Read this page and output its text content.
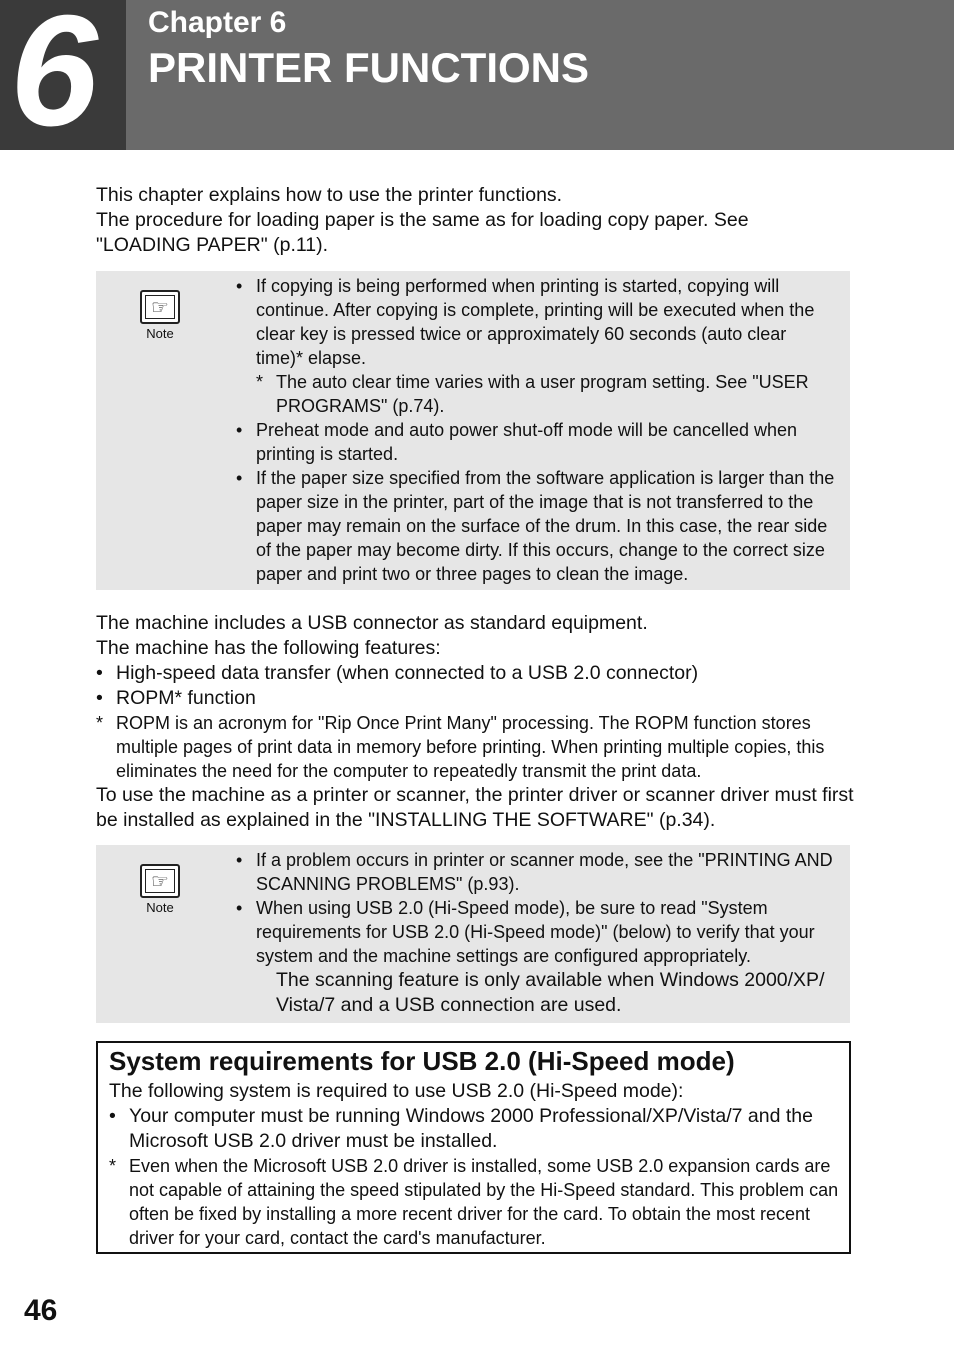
6 Chapter 6
PRINTER FUNCTIONS

This chapter explains how to use the printer functions.

The procedure for loading paper is the same as for loading copy paper. See

"LOADING PAPER" (p.11).

☞
Note
• If copying is being performed when printing is started, copying will continue. After copying is complete, printing will be executed when the clear key is pressed twice or approximately 60 seconds (auto clear time)* elapse.
* The auto clear time varies with a user program setting. See "USER PROGRAMS" (p.74).
• Preheat mode and auto power shut-off mode will be cancelled when printing is started.
• If the paper size specified from the software application is larger than the paper size in the printer, part of the image that is not transferred to the paper may remain on the surface of the drum. In this case, the rear side of the paper may become dirty. If this occurs, change to the correct size paper and print two or three pages to clean the image.

The machine includes a USB connector as standard equipment.

The machine has the following features:

• High-speed data transfer (when connected to a USB 2.0 connector)
• ROPM* function
* ROPM is an acronym for "Rip Once Print Many" processing. The ROPM function stores multiple pages of print data in memory before printing. When printing multiple copies, this eliminates the need for the computer to repeatedly transmit the print data.
To use the machine as a printer or scanner, the printer driver or scanner driver must first be installed as explained in the "INSTALLING THE SOFTWARE" (p.34).
☞
Note
• If a problem occurs in printer or scanner mode, see the "PRINTING AND SCANNING PROBLEMS" (p.93).
• When using USB 2.0 (Hi-Speed mode), be sure to read "System requirements for USB 2.0 (Hi-Speed mode)" (below) to verify that your system and the machine settings are configured appropriately.
The scanning feature is only available when Windows 2000/XP/ Vista/7 and a USB connection are used.
System requirements for USB 2.0 (Hi-Speed mode)
The following system is required to use USB 2.0 (Hi-Speed mode):
• Your computer must be running Windows 2000 Professional/XP/Vista/7 and the Microsoft USB 2.0 driver must be installed.
* Even when the Microsoft USB 2.0 driver is installed, some USB 2.0 expansion cards are not capable of attaining the speed stipulated by the Hi-Speed standard. This problem can often be fixed by installing a more recent driver for the card. To obtain the most recent driver for your card, contact the card's manufacturer.
46
